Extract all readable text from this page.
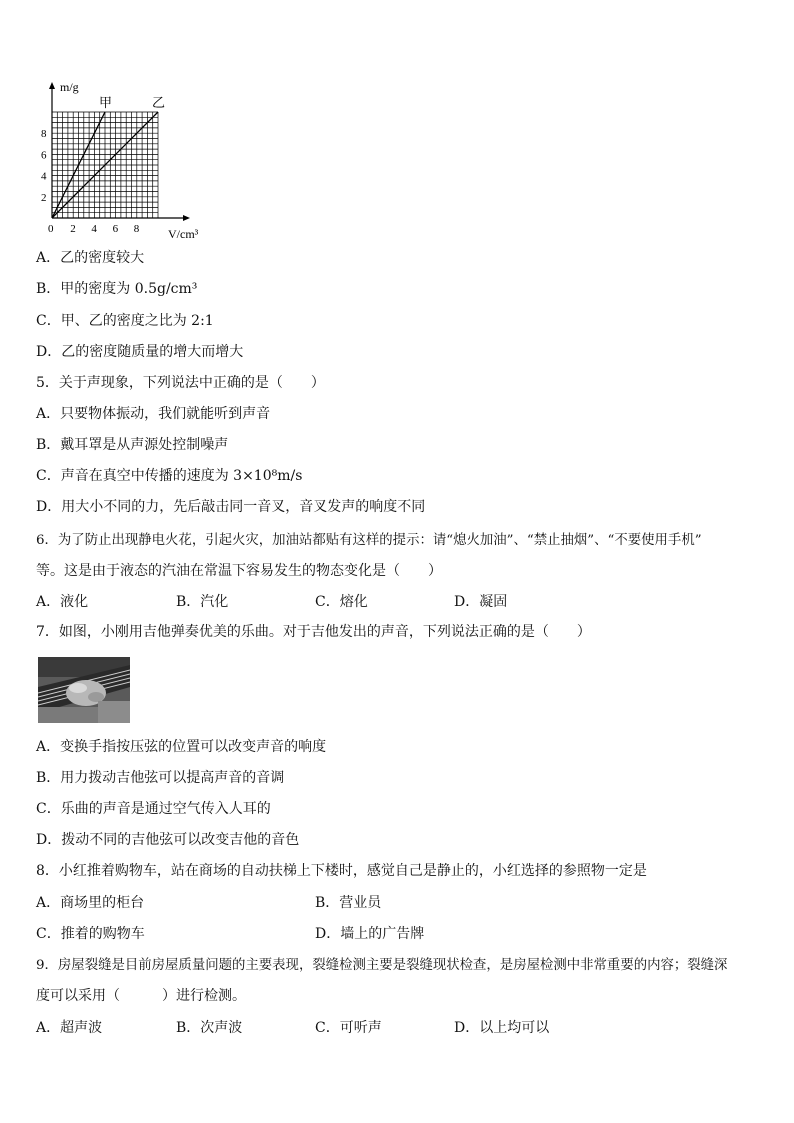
m/g
V/cm³
0 2 4 6 8
2
4
6
8
甲	乙
A．乙的密度较大
B．甲的密度为 0.5g/cm³
C．甲、乙的密度之比为 2:1
D．乙的密度随质量的增大而增大
5．关于声现象，下列说法中正确的是（　　）
A．只要物体振动，我们就能听到声音
B．戴耳罩是从声源处控制噪声
C．声音在真空中传播的速度为 3×10⁸m/s
D．用大小不同的力，先后敲击同一音叉，音叉发声的响度不同
6．为了防止出现静电火花，引起火灾，加油站都贴有这样的提示：请“熄火加油”、“禁止抽烟”、“不要使用手机”
等。这是由于液态的汽油在常温下容易发生的物态变化是（　　）
A．液化	B．汽化	C．熔化	D．凝固
7．如图，小刚用吉他弹奏优美的乐曲。对于吉他发出的声音，下列说法正确的是（　　）
A．变换手指按压弦的位置可以改变声音的响度
B．用力拨动吉他弦可以提高声音的音调
C．乐曲的声音是通过空气传入人耳的
D．拨动不同的吉他弦可以改变吉他的音色
8．小红推着购物车，站在商场的自动扶梯上下楼时，感觉自己是静止的，小红选择的参照物一定是
A．商场里的柜台	B．营业员
C．推着的购物车	D．墙上的广告牌
9．房屋裂缝是目前房屋质量问题的主要表现，裂缝检测主要是裂缝现状检查，是房屋检测中非常重要的内容；裂缝深
度可以采用（　　　）进行检测。
A．超声波	B．次声波	C．可听声	D．以上均可以
